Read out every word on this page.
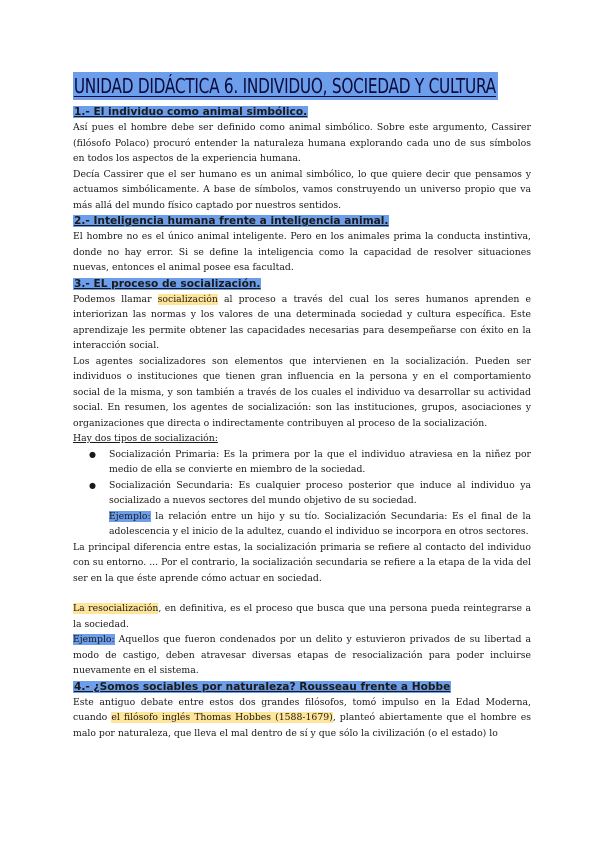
UNIDAD DIDÁCTICA 6. INDIVIDUO, SOCIEDAD Y CULTURA
1.- El individuo como animal simbólico.

Así pues el hombre debe ser definido como animal simbólico. Sobre este argumento, Cassirer (filósofo Polaco) procuró entender la naturaleza humana explorando cada uno de sus símbolos en todos los aspectos de la experiencia humana.

Decía Cassirer que el ser humano es un animal simbólico, lo que quiere decir que pensamos y actuamos simbólicamente. A base de símbolos, vamos construyendo un universo propio que va más allá del mundo físico captado por nuestros sentidos.

2.- Inteligencia humana frente a inteligencia animal.

El hombre no es el único animal inteligente. Pero en los animales prima la conducta instintiva, donde no hay error. Si se define la inteligencia como la capacidad de resolver situaciones nuevas, entonces el animal posee esa facultad.

3.- EL proceso de socialización.

Podemos llamar socialización al proceso a través del cual los seres humanos aprenden e interiorizan las normas y los valores de una determinada sociedad y cultura específica. Este aprendizaje les permite obtener las capacidades necesarias para desempeñarse con éxito en la interacción social.

Los agentes socializadores son elementos que intervienen en la socialización. Pueden ser individuos o instituciones que tienen gran influencia en la persona y en el comportamiento social de la misma, y son también a través de los cuales el individuo va desarrollar su actividad social. En resumen, los agentes de socialización: son las instituciones, grupos, asociaciones y organizaciones que directa o indirectamente contribuyen al proceso de la socialización.

Hay dos tipos de socialización:

● Socialización Primaria: Es la primera por la que el individuo atraviesa en la niñez por medio de ella se convierte en miembro de la sociedad.
● Socialización Secundaria: Es cualquier proceso posterior que induce al individuo ya socializado a nuevos sectores del mundo objetivo de su sociedad.

Ejemplo: la relación entre un hijo y su tío. Socialización Secundaria: Es el final de la adolescencia y el inicio de la adultez, cuando el individuo se incorpora en otros sectores.

La principal diferencia entre estas, la socialización primaria se refiere al contacto del individuo con su entorno. ... Por el contrario, la socialización secundaria se refiere a la etapa de la vida del ser en la que éste aprende cómo actuar en sociedad.

La resocialización, en definitiva, es el proceso que busca que una persona pueda reintegrarse a la sociedad.

Ejemplo: Aquellos que fueron condenados por un delito y estuvieron privados de su libertad a modo de castigo, deben atravesar diversas etapas de resocialización para poder incluirse nuevamente en el sistema.

4.- ¿Somos sociables por naturaleza? Rousseau frente a Hobbe

Este antiguo debate entre estos dos grandes filósofos, tomó impulso en la Edad Moderna, cuando el filósofo inglés Thomas Hobbes (1588-1679), planteó abiertamente que el hombre es malo por naturaleza, que lleva el mal dentro de sí y que sólo la civilización (o el estado) lo
